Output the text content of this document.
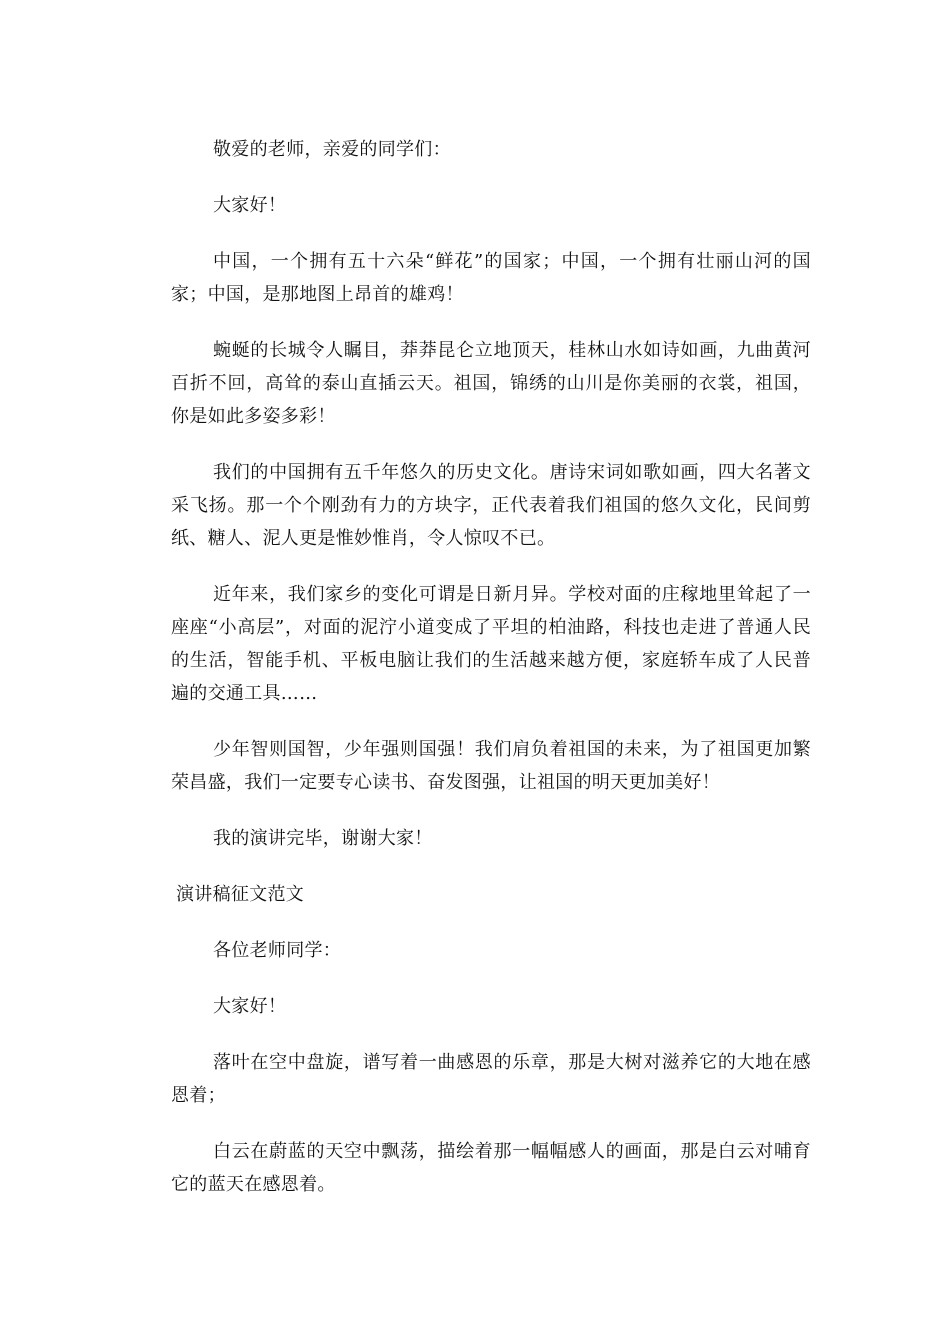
敬爱的老师，亲爱的同学们：

大家好！

中国，一个拥有五十六朵“鲜花”的国家；中国，一个拥有壮丽山河的国家；中国，是那地图上昂首的雄鸡！

蜿蜒的长城令人瞩目，莽莽昆仑立地顶天，桂林山水如诗如画，九曲黄河百折不回，高耸的泰山直插云天。祖国，锦绣的山川是你美丽的衣裳，祖国，你是如此多姿多彩！

我们的中国拥有五千年悠久的历史文化。唐诗宋词如歌如画，四大名著文采飞扬。那一个个刚劲有力的方块字，正代表着我们祖国的悠久文化，民间剪纸、糖人、泥人更是惟妙惟肖，令人惊叹不已。

近年来，我们家乡的变化可谓是日新月异。学校对面的庄稼地里耸起了一座座“小高层”，对面的泥泞小道变成了平坦的柏油路，科技也走进了普通人民的生活，智能手机、平板电脑让我们的生活越来越方便，家庭轿车成了人民普遍的交通工具……

少年智则国智，少年强则国强！我们肩负着祖国的未来，为了祖国更加繁荣昌盛，我们一定要专心读书、奋发图强，让祖国的明天更加美好！

我的演讲完毕，谢谢大家！

演讲稿征文范文

各位老师同学：

大家好！

落叶在空中盘旋，谱写着一曲感恩的乐章，那是大树对滋养它的大地在感恩着；

白云在蔚蓝的天空中飘荡，描绘着那一幅幅感人的画面，那是白云对哺育它的蓝天在感恩着。
